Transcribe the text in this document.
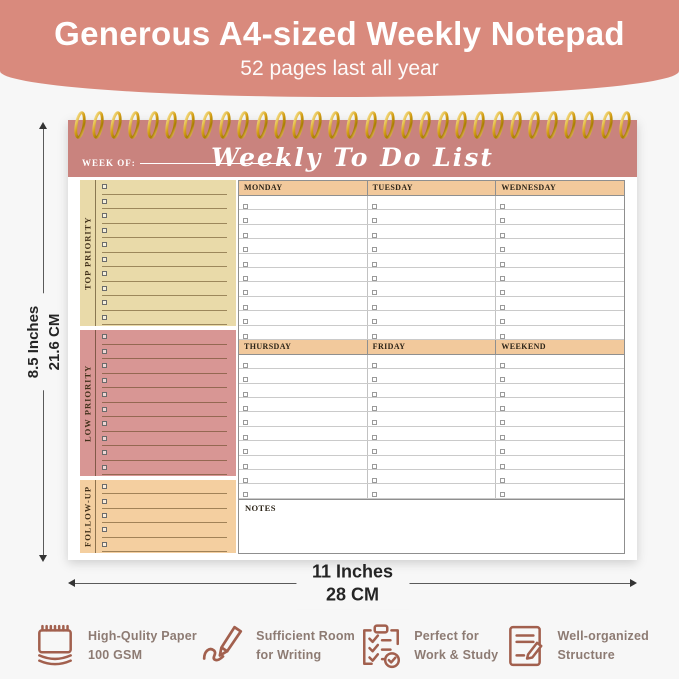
Generous A4-sized Weekly Notepad
52 pages last all year
WEEK OF:	Weekly To Do List
TOP PRIORITY
LOW PRIORITY
FOLLOW-UP
MONDAY	TUESDAY	WEDNESDAY
THURSDAY	FRIDAY	WEEKEND
NOTES
8.5 Inches 21.6 CM
11 Inches
28 CM
High-Qulity Paper
100 GSM
Sufficient Room
for Writing
Perfect for
Work & Study
Well-organized
Structure
